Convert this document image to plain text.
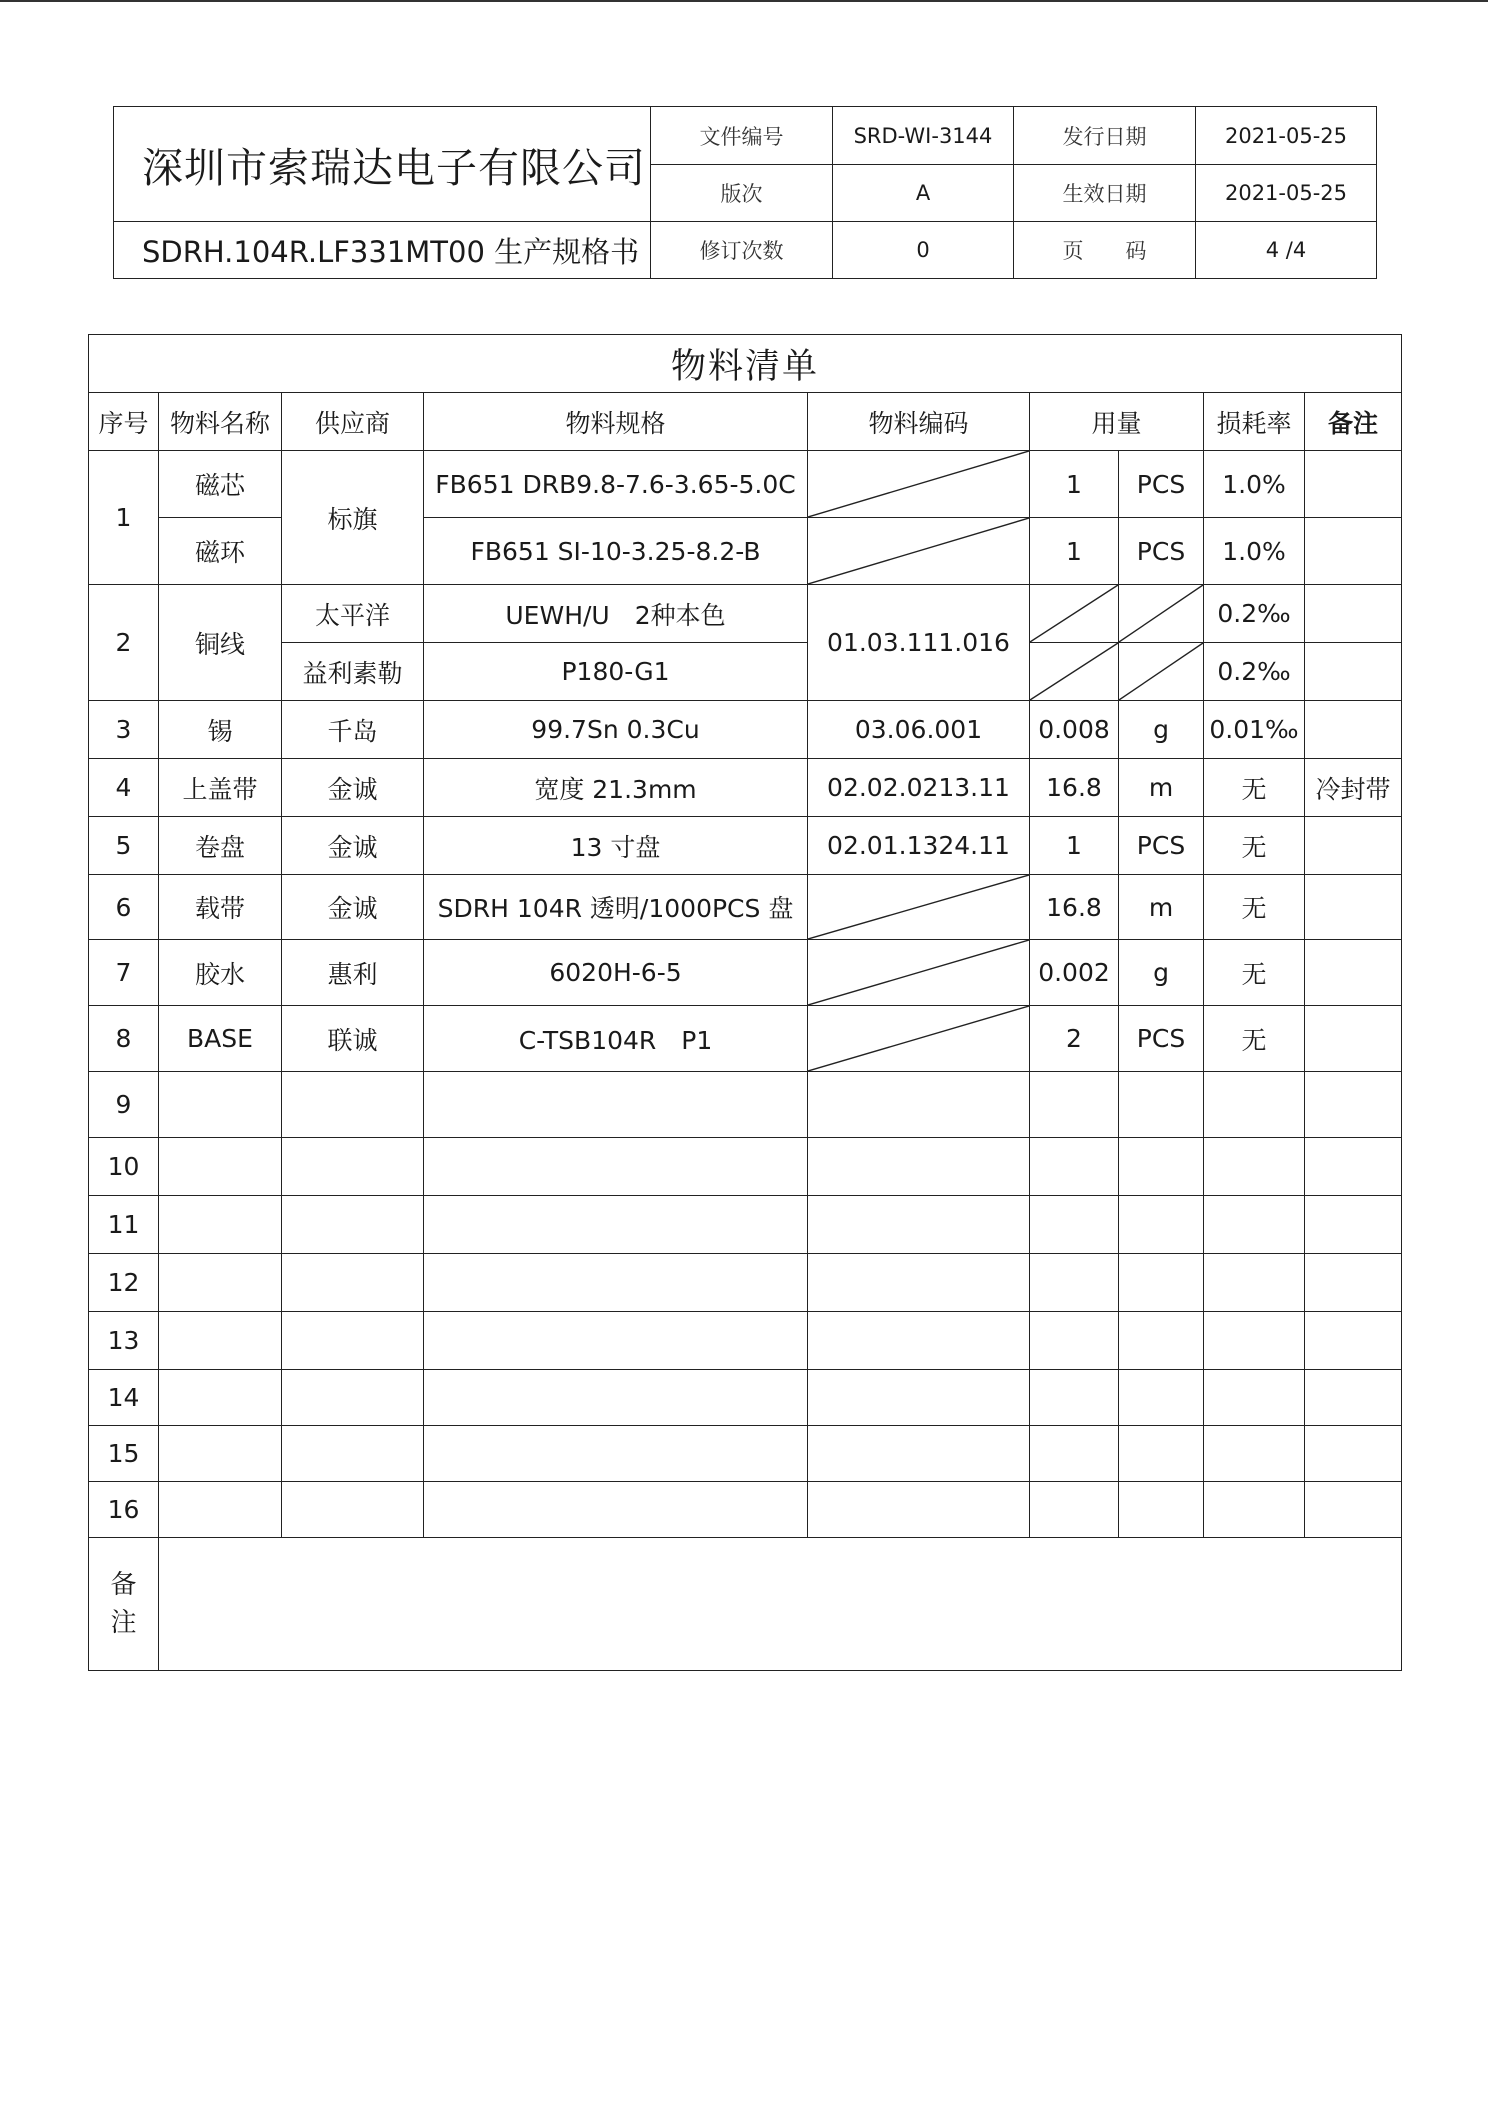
深圳市索瑞达电子有限公司	文件编号	SRD-WI-3144	发行日期	2021-05-25
	版次	A	生效日期	2021-05-25
SDRH.104R.LF331MT00 生产规格书	修订次数	0	页　　码	4 /4
物料清单								
序号	物料名称	供应商	物料规格	物料编码	用量		损耗率	备注
1	磁芯	标旗	FB651 DRB9.8-7.6-3.65-5.0C		1	PCS	1.0%	
	磁环		FB651 SI-10-3.25-8.2-B		1	PCS	1.0%	
2	铜线	太平洋	UEWH/U　2种本色	01.03.111.016			0.2‰	
		益利素勒	P180-G1				0.2‰	
3	锡	千岛	99.7Sn 0.3Cu	03.06.001	0.008	g	0.01‰	
4	上盖带	金诚	宽度 21.3mm	02.02.0213.11	16.8	m	无	冷封带
5	卷盘	金诚	13 寸盘	02.01.1324.11	1	PCS	无	
6	载带	金诚	SDRH 104R 透明/1000PCS 盘		16.8	m	无	
7	胶水	惠利	6020H-6-5		0.002	g	无	
8	BASE	联诚	C-TSB104R　P1		2	PCS	无	
9								
10								
11								
12								
13								
14								
15								
16								
备
注								
